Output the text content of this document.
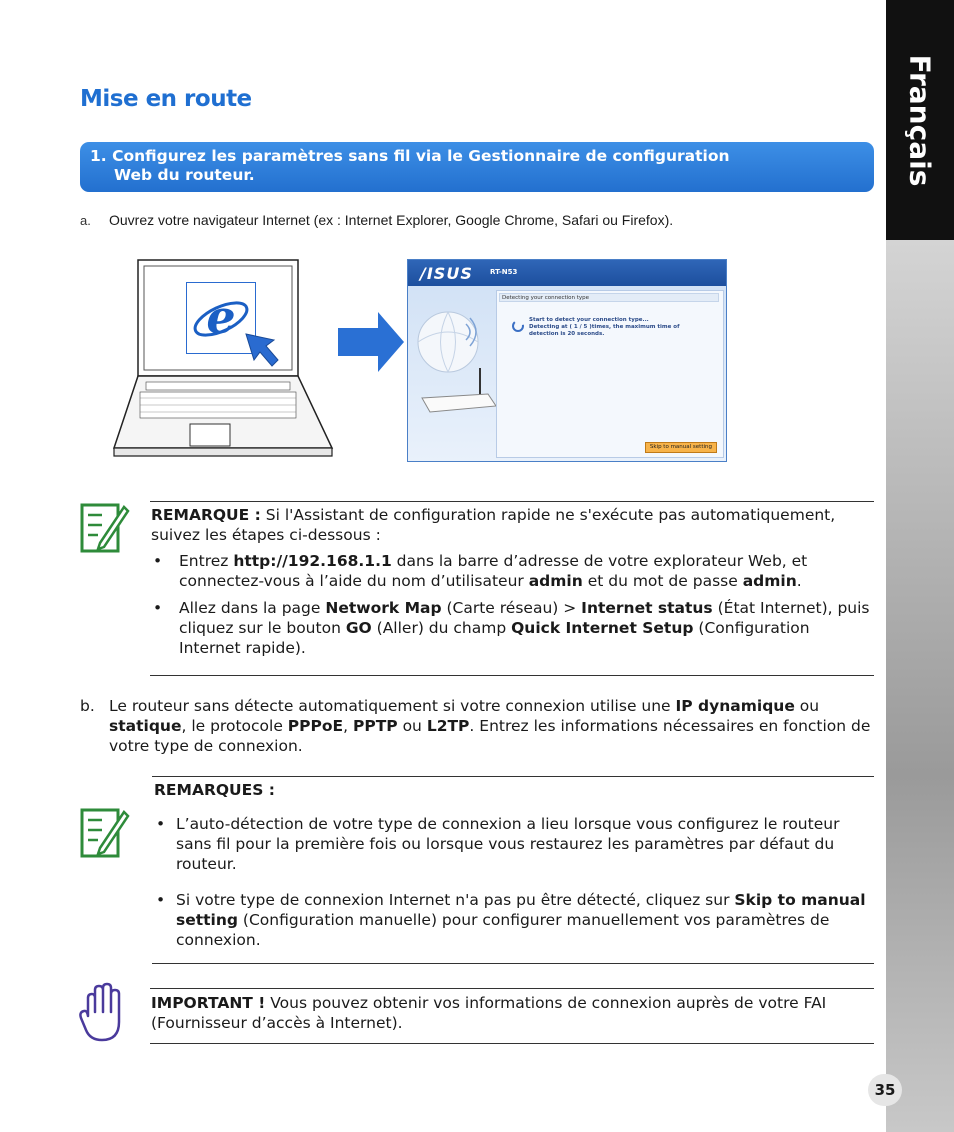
Français
Mise en route
1. Configurez les paramètres sans fil via le Gestionnaire de configuration
Web du routeur.
a. Ouvrez votre navigateur Internet (ex : Internet Explorer, Google Chrome, Safari ou Firefox).
e
/ISUS RT-N53
Detecting your connection type
Start to detect your connection type...
Detecting at ( 1 / 5 )times, the maximum time of
detection is 20 seconds.
Skip to manual setting
REMARQUE : Si l'Assistant de configuration rapide ne s'exécute pas automatiquement, suivez les étapes ci-dessous :
• Entrez http://192.168.1.1 dans la barre d’adresse de votre explorateur Web, et connectez-vous à l’aide du nom d’utilisateur admin et du mot de passe admin.
• Allez dans la page Network Map (Carte réseau) > Internet status (État Internet), puis cliquez sur le bouton GO (Aller) du champ Quick Internet Setup (Configuration Internet rapide).
b. Le routeur sans détecte automatiquement si votre connexion utilise une IP dynamique ou statique, le protocole PPPoE, PPTP ou L2TP. Entrez les informations nécessaires en fonction de votre type de connexion.
REMARQUES :
• L’auto-détection de votre type de connexion a lieu lorsque vous configurez le routeur sans fil pour la première fois ou lorsque vous restaurez les paramètres par défaut du routeur.
• Si votre type de connexion Internet n'a pas pu être détecté, cliquez sur Skip to manual setting (Configuration manuelle) pour configurer manuellement vos paramètres de connexion.
IMPORTANT ! Vous pouvez obtenir vos informations de connexion auprès de votre FAI (Fournisseur d’accès à Internet).
35
